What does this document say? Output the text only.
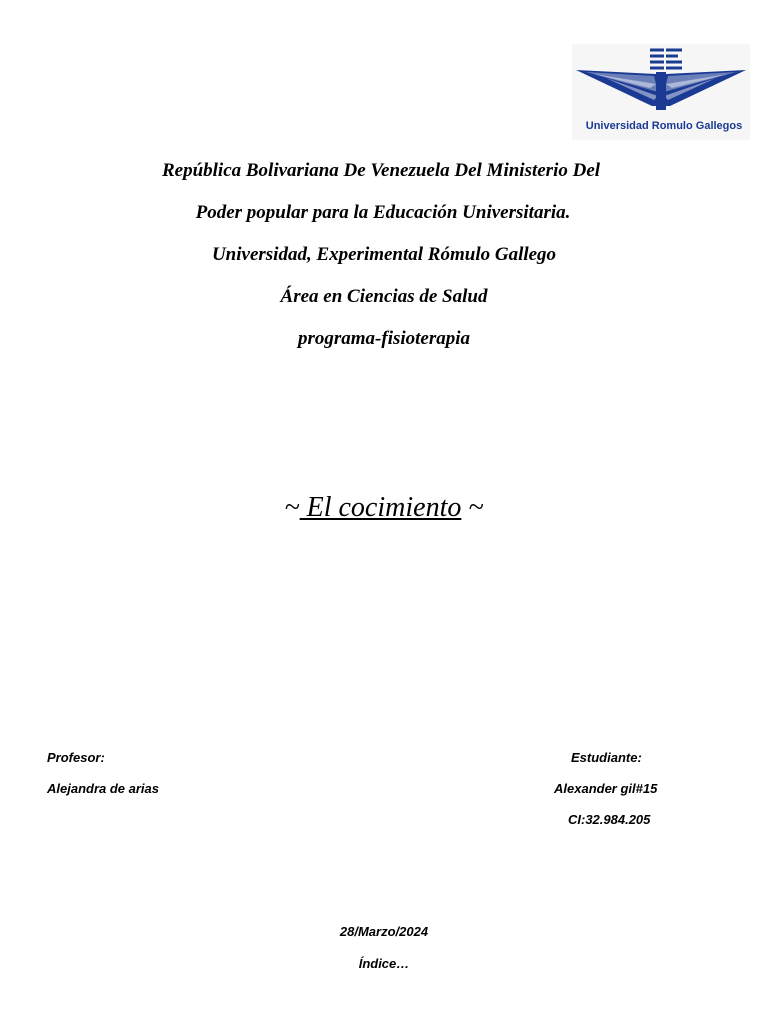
Universidad Romulo Gallegos
República Bolivariana De Venezuela Del Ministerio Del
Poder popular para la Educación Universitaria.
Universidad, Experimental Rómulo Gallego
Área en Ciencias de Salud
programa-fisioterapia
~ El cocimiento ~
Profesor:
Alejandra de arias
Estudiante:
Alexander gil#15
CI:32.984.205
28/Marzo/2024
Índice…
